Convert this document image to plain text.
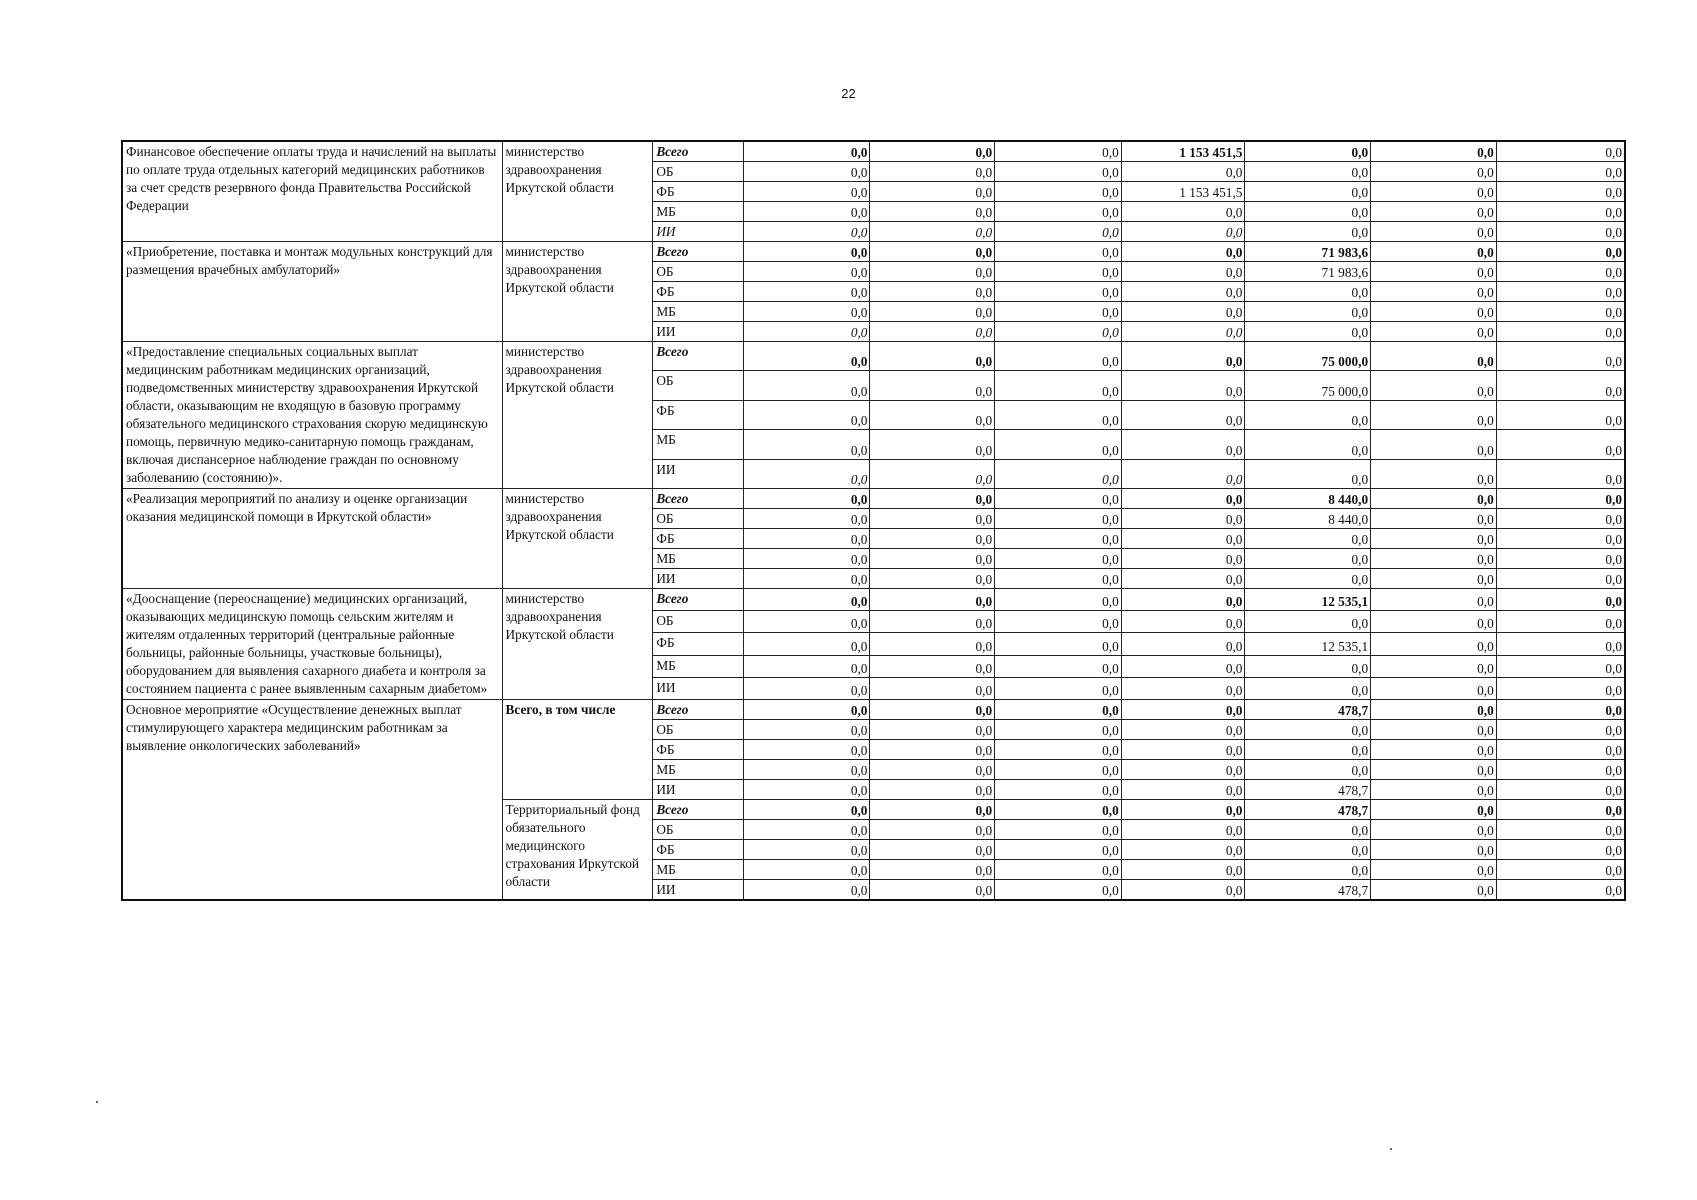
22
Финансовое обеспечение оплаты труда и начислений на выплаты по оплате труда отдельных категорий медицинских работников за счет средств резервного фонда Правительства Российской Федерации	министерство здравоохранения Иркутской области	Всего	0,0	0,0	0,0	1 153 451,5	0,0	0,0	0,0
		ОБ	0,0	0,0	0,0	0,0	0,0	0,0	0,0
		ФБ	0,0	0,0	0,0	1 153 451,5	0,0	0,0	0,0
		МБ	0,0	0,0	0,0	0,0	0,0	0,0	0,0
		ИИ	0,0	0,0	0,0	0,0	0,0	0,0	0,0
«Приобретение, поставка и монтаж модульных конструкций для размещения врачебных амбулаторий»	министерство здравоохранения Иркутской области	Всего	0,0	0,0	0,0	0,0	71 983,6	0,0	0,0
		ОБ	0,0	0,0	0,0	0,0	71 983,6	0,0	0,0
		ФБ	0,0	0,0	0,0	0,0	0,0	0,0	0,0
		МБ	0,0	0,0	0,0	0,0	0,0	0,0	0,0
		ИИ	0,0	0,0	0,0	0,0	0,0	0,0	0,0
«Предоставление специальных социальных выплат медицинским работникам медицинских организаций, подведомственных министерству здравоохранения Иркутской области, оказывающим не входящую в базовую программу обязательного медицинского страхования скорую медицинскую помощь, первичную медико-санитарную помощь гражданам, включая диспансерное наблюдение граждан по основному заболеванию (состоянию)».	министерство здравоохранения Иркутской области	Всего	0,0	0,0	0,0	0,0	75 000,0	0,0	0,0
		ОБ	0,0	0,0	0,0	0,0	75 000,0	0,0	0,0
		ФБ	0,0	0,0	0,0	0,0	0,0	0,0	0,0
		МБ	0,0	0,0	0,0	0,0	0,0	0,0	0,0
		ИИ	0,0	0,0	0,0	0,0	0,0	0,0	0,0
«Реализация мероприятий по анализу и оценке организации оказания медицинской помощи в Иркутской области»	министерство здравоохранения Иркутской области	Всего	0,0	0,0	0,0	0,0	8 440,0	0,0	0,0
		ОБ	0,0	0,0	0,0	0,0	8 440,0	0,0	0,0
		ФБ	0,0	0,0	0,0	0,0	0,0	0,0	0,0
		МБ	0,0	0,0	0,0	0,0	0,0	0,0	0,0
		ИИ	0,0	0,0	0,0	0,0	0,0	0,0	0,0
«Дооснащение (переоснащение) медицинских организаций, оказывающих медицинскую помощь сельским жителям и жителям отдаленных территорий (центральные районные больницы, районные больницы, участковые больницы), оборудованием для выявления сахарного диабета и контроля за состоянием пациента с ранее выявленным сахарным диабетом»	министерство здравоохранения Иркутской области	Всего	0,0	0,0	0,0	0,0	12 535,1	0,0	0,0
		ОБ	0,0	0,0	0,0	0,0	0,0	0,0	0,0
		ФБ	0,0	0,0	0,0	0,0	12 535,1	0,0	0,0
		МБ	0,0	0,0	0,0	0,0	0,0	0,0	0,0
		ИИ	0,0	0,0	0,0	0,0	0,0	0,0	0,0
Основное мероприятие «Осуществление денежных выплат стимулирующего характера медицинским работникам за выявление онкологических заболеваний»	Всего, в том числе	Всего	0,0	0,0	0,0	0,0	478,7	0,0	0,0
		ОБ	0,0	0,0	0,0	0,0	0,0	0,0	0,0
		ФБ	0,0	0,0	0,0	0,0	0,0	0,0	0,0
		МБ	0,0	0,0	0,0	0,0	0,0	0,0	0,0
		ИИ	0,0	0,0	0,0	0,0	478,7	0,0	0,0
	Территориальный фонд обязательного медицинского страхования Иркутской области	Всего	0,0	0,0	0,0	0,0	478,7	0,0	0,0
		ОБ	0,0	0,0	0,0	0,0	0,0	0,0	0,0
		ФБ	0,0	0,0	0,0	0,0	0,0	0,0	0,0
		МБ	0,0	0,0	0,0	0,0	0,0	0,0	0,0
		ИИ	0,0	0,0	0,0	0,0	478,7	0,0	0,0
